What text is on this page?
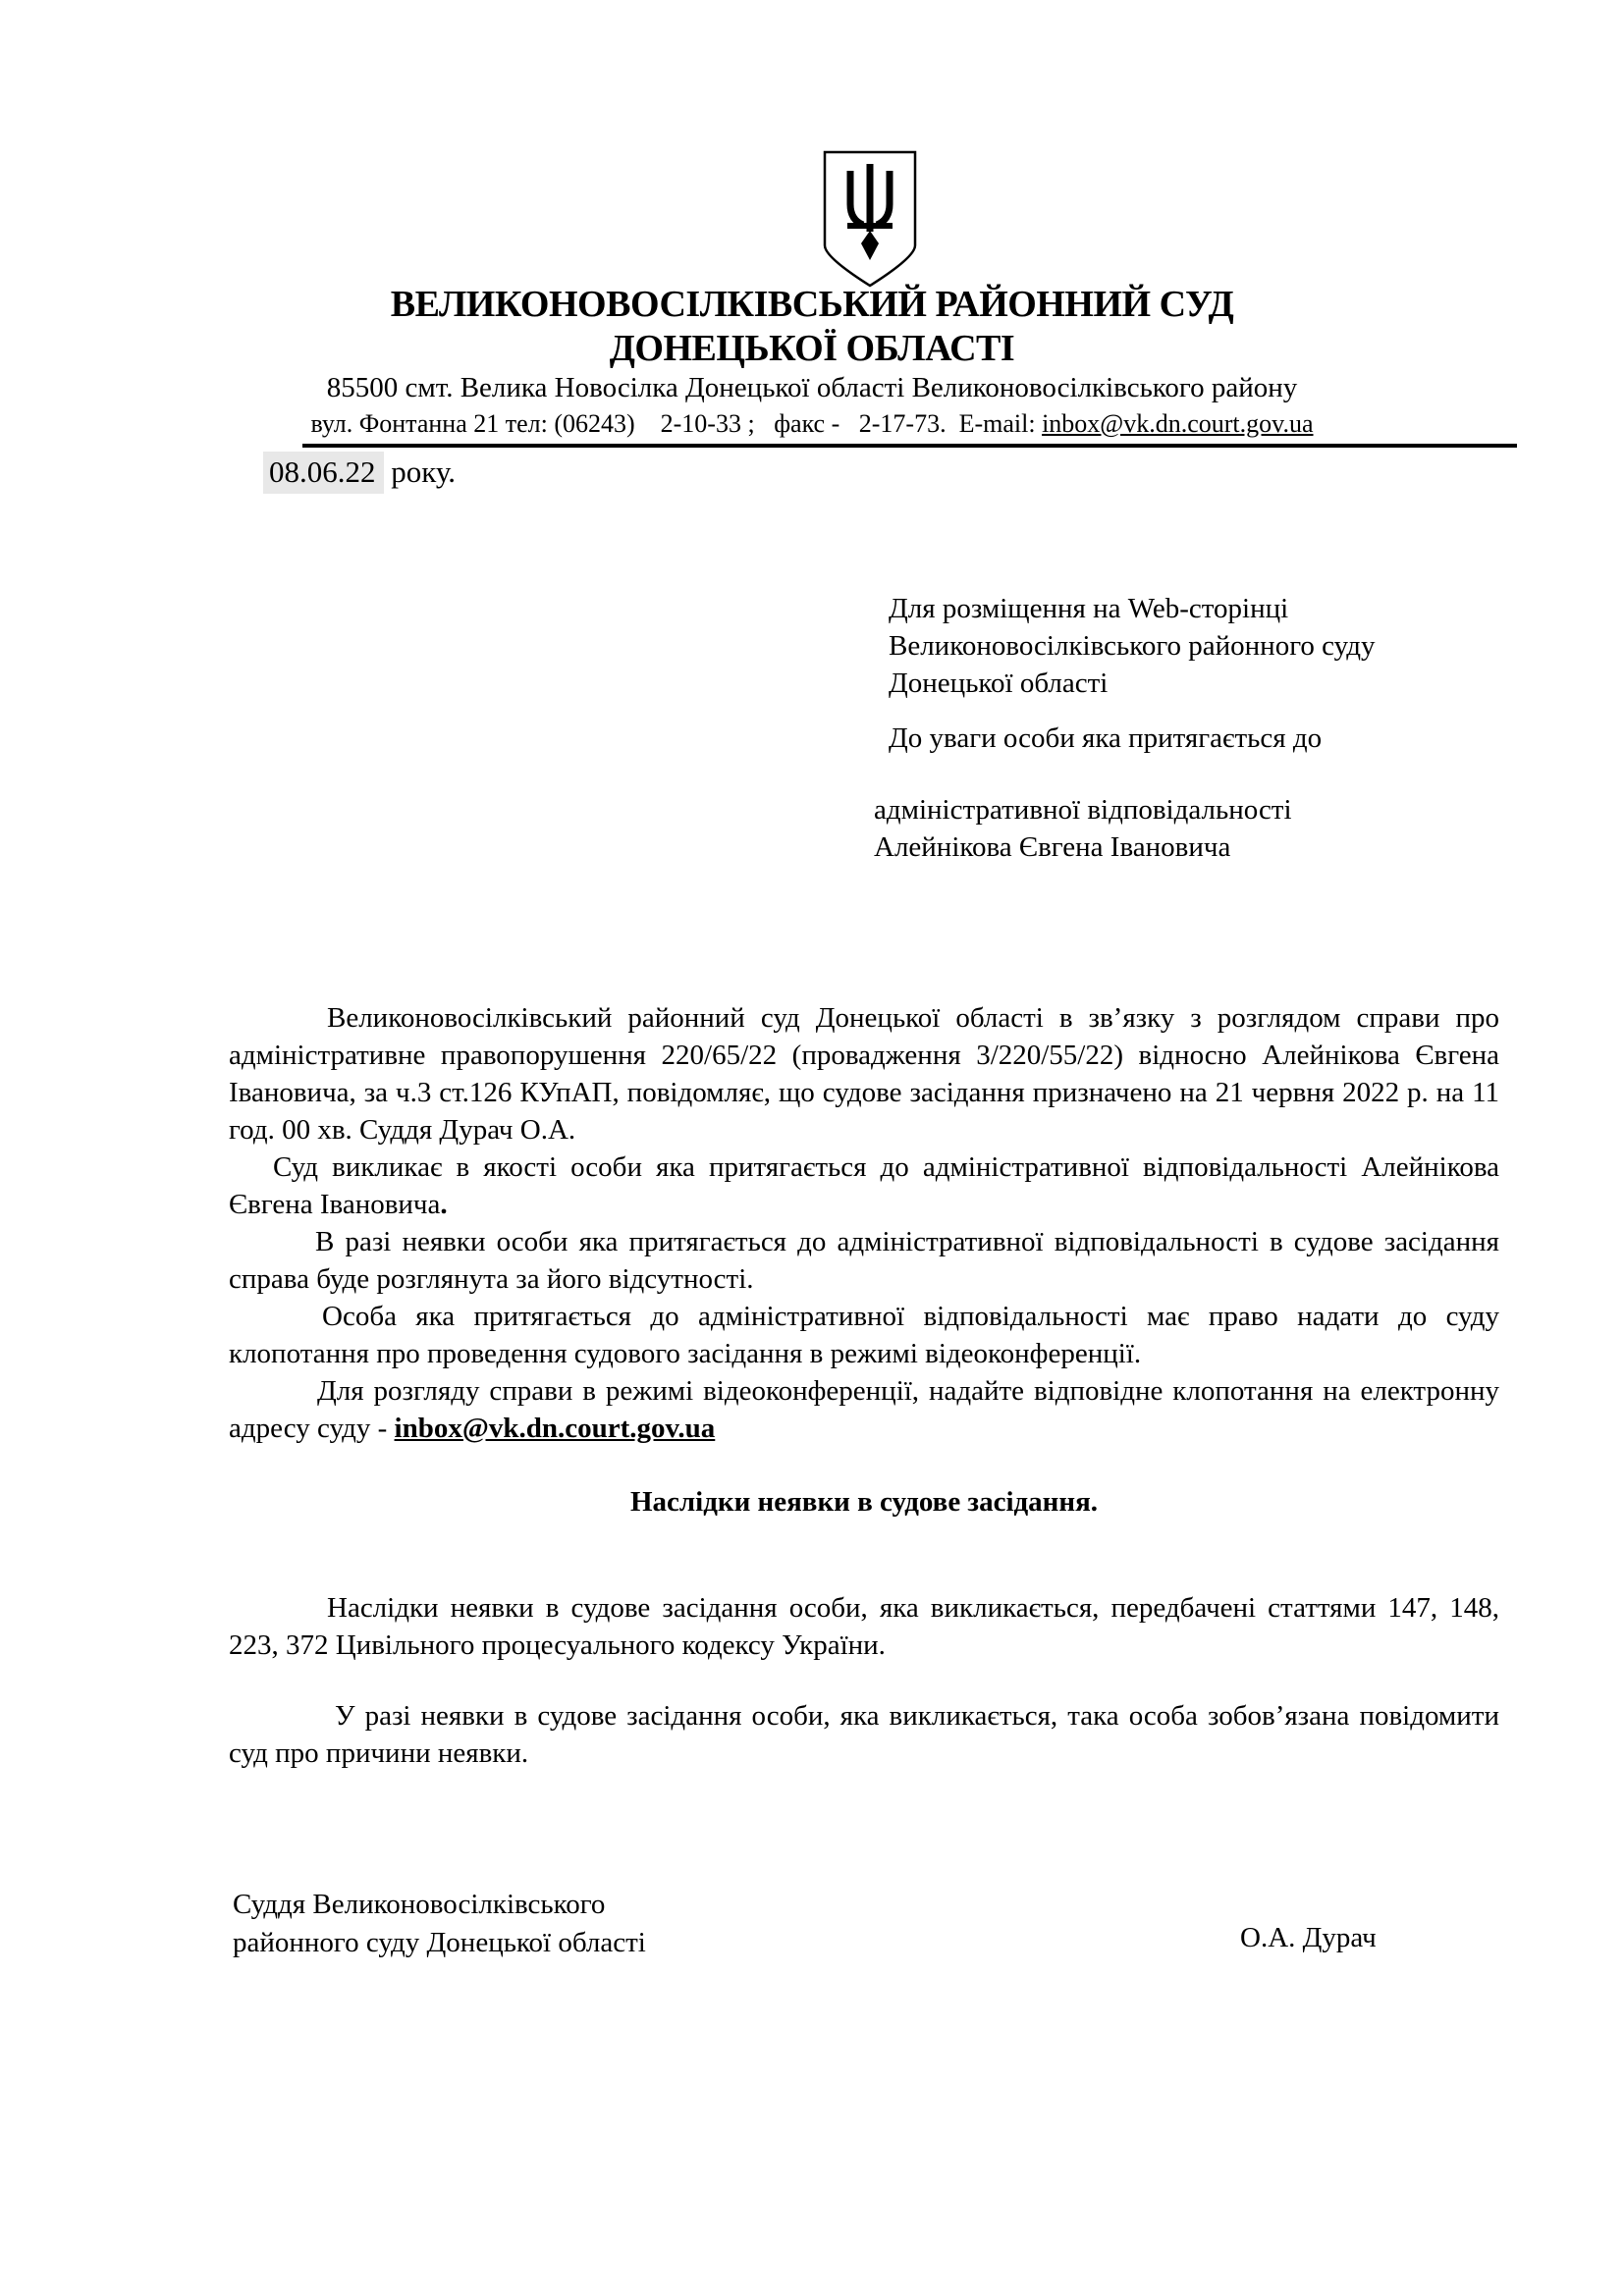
ВЕЛИКОНОВОСІЛКІВСЬКИЙ РАЙОННИЙ СУД
ДОНЕЦЬКОЇ ОБЛАСТІ
85500 смт. Велика Новосілка Донецької області Великоновосілківського району
вул. Фонтанна 21 тел: (06243)    2-10-33 ;   факс -   2-17-73.  E-mail: inbox@vk.dn.court.gov.ua
08.06.22 року.
Для розміщення на Web-сторінці
Великоновосілківського районного суду
Донецької області
До уваги особи яка притягається до
адміністративної відповідальності
Алейнікова Євгена Івановича

Великоновосілківський районний суд Донецької області в зв’язку з розглядом справи про адміністративне правопорушення 220/65/22 (провадження 3/220/55/22) відносно Алейнікова Євгена Івановича, за ч.3 ст.126 КУпАП, повідомляє, що судове засідання призначено на 21 червня 2022 р. на 11 год. 00 хв. Суддя Дурач О.А.

Суд викликає в якості особи яка притягається до адміністративної відповідальності Алейнікова Євгена Івановича.

В разі неявки особи яка притягається до адміністративної відповідальності в судове засідання справа буде розглянута за його відсутності.

Особа яка притягається до адміністративної відповідальності має право надати до суду клопотання про проведення судового засідання в режимі відеоконференції.

Для розгляду справи в режимі відеоконференції, надайте відповідне клопотання на електронну адресу суду - inbox@vk.dn.court.gov.ua

Наслідки неявки в судове засідання.

Наслідки неявки в судове засідання особи, яка викликається, передбачені статтями 147, 148, 223, 372 Цивільного процесуального кодексу України.

У разі неявки в судове засідання особи, яка викликається, така особа зобов’язана повідомити суд про причини неявки.

Суддя Великоновосілківського
районного суду Донецької області	О.А. Дурач
